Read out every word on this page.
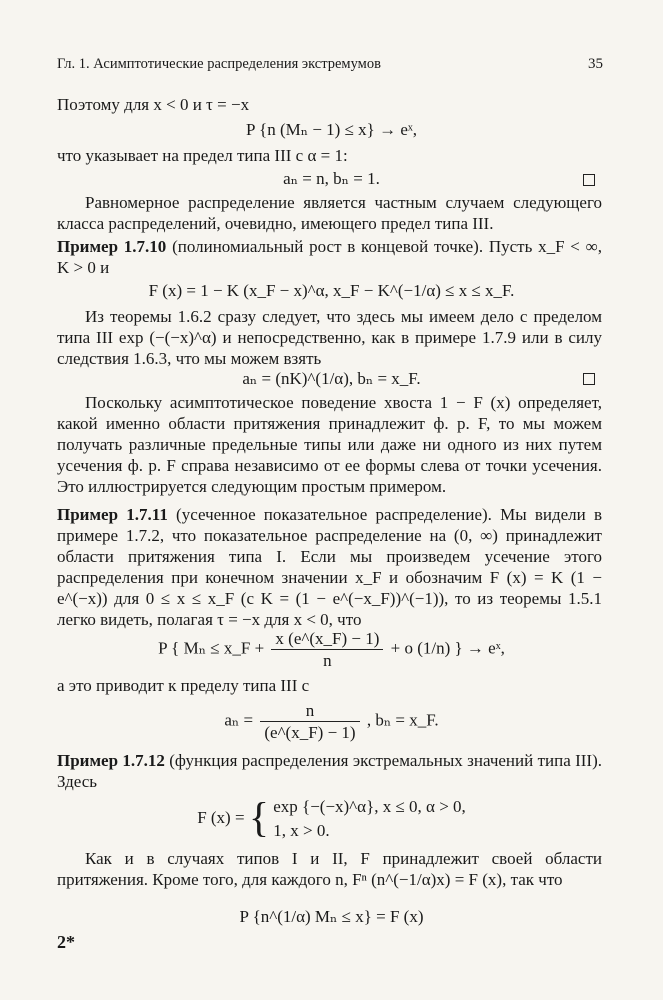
Гл. 1. Асимптотические распределения экстремумов	35
Поэтому для x < 0 и τ = −x
P {n (Mₙ − 1) ≤ x} → eˣ,
что указывает на предел типа III с α = 1:
aₙ = n, bₙ = 1.
Равномерное распределение является частным случаем следующего класса распределений, очевидно, имеющего предел типа III.
Пример 1.7.10 (полиномиальный рост в концевой точке). Пусть x_F < ∞, K > 0 и
F (x) = 1 − K (x_F − x)^α, x_F − K^(−1/α) ≤ x ≤ x_F.
Из теоремы 1.6.2 сразу следует, что здесь мы имеем дело с пределом типа III exp (−(−x)^α) и непосредственно, как в примере 1.7.9 или в силу следствия 1.6.3, что мы можем взять
aₙ = (nK)^(1/α), bₙ = x_F.
Поскольку асимптотическое поведение хвоста 1 − F (x) определяет, какой именно области притяжения принадлежит ф. р. F, то мы можем получать различные предельные типы или даже ни одного из них путем усечения ф. р. F справа независимо от ее формы слева от точки усечения. Это иллюстрируется следующим простым примером.
Пример 1.7.11 (усеченное показательное распределение). Мы видели в примере 1.7.2, что показательное распределение на (0, ∞) принадлежит области притяжения типа I. Если мы произведем усечение этого распределения при конечном значении x_F и обозначим F (x) = K (1 − e^(−x)) для 0 ≤ x ≤ x_F (с K = (1 − e^(−x_F))^(−1)), то из теоремы 1.5.1 легко видеть, полагая τ = −x для x < 0, что
P { Mₙ ≤ x_F + $\frac{x (e\^{}(x\_F) - 1)}{n} + o$ (1/n) } → eˣ,
а это приводит к пределу типа III с
$a_n = \frac{n}{(e\^{}(x\_F) - 1)}$ , bₙ = x_F.
Пример 1.7.12 (функция распределения экстремальных значений типа III). Здесь
F (x) = { exp {−(−x)^α}, x ≤ 0, α > 0,
1, x > 0.
Как и в случаях типов I и II, F принадлежит своей области притяжения. Кроме того, для каждого n, Fⁿ (n^(−1/α)x) = F (x), так что
P {n^(1/α) Mₙ ≤ x} = F (x)
2*
